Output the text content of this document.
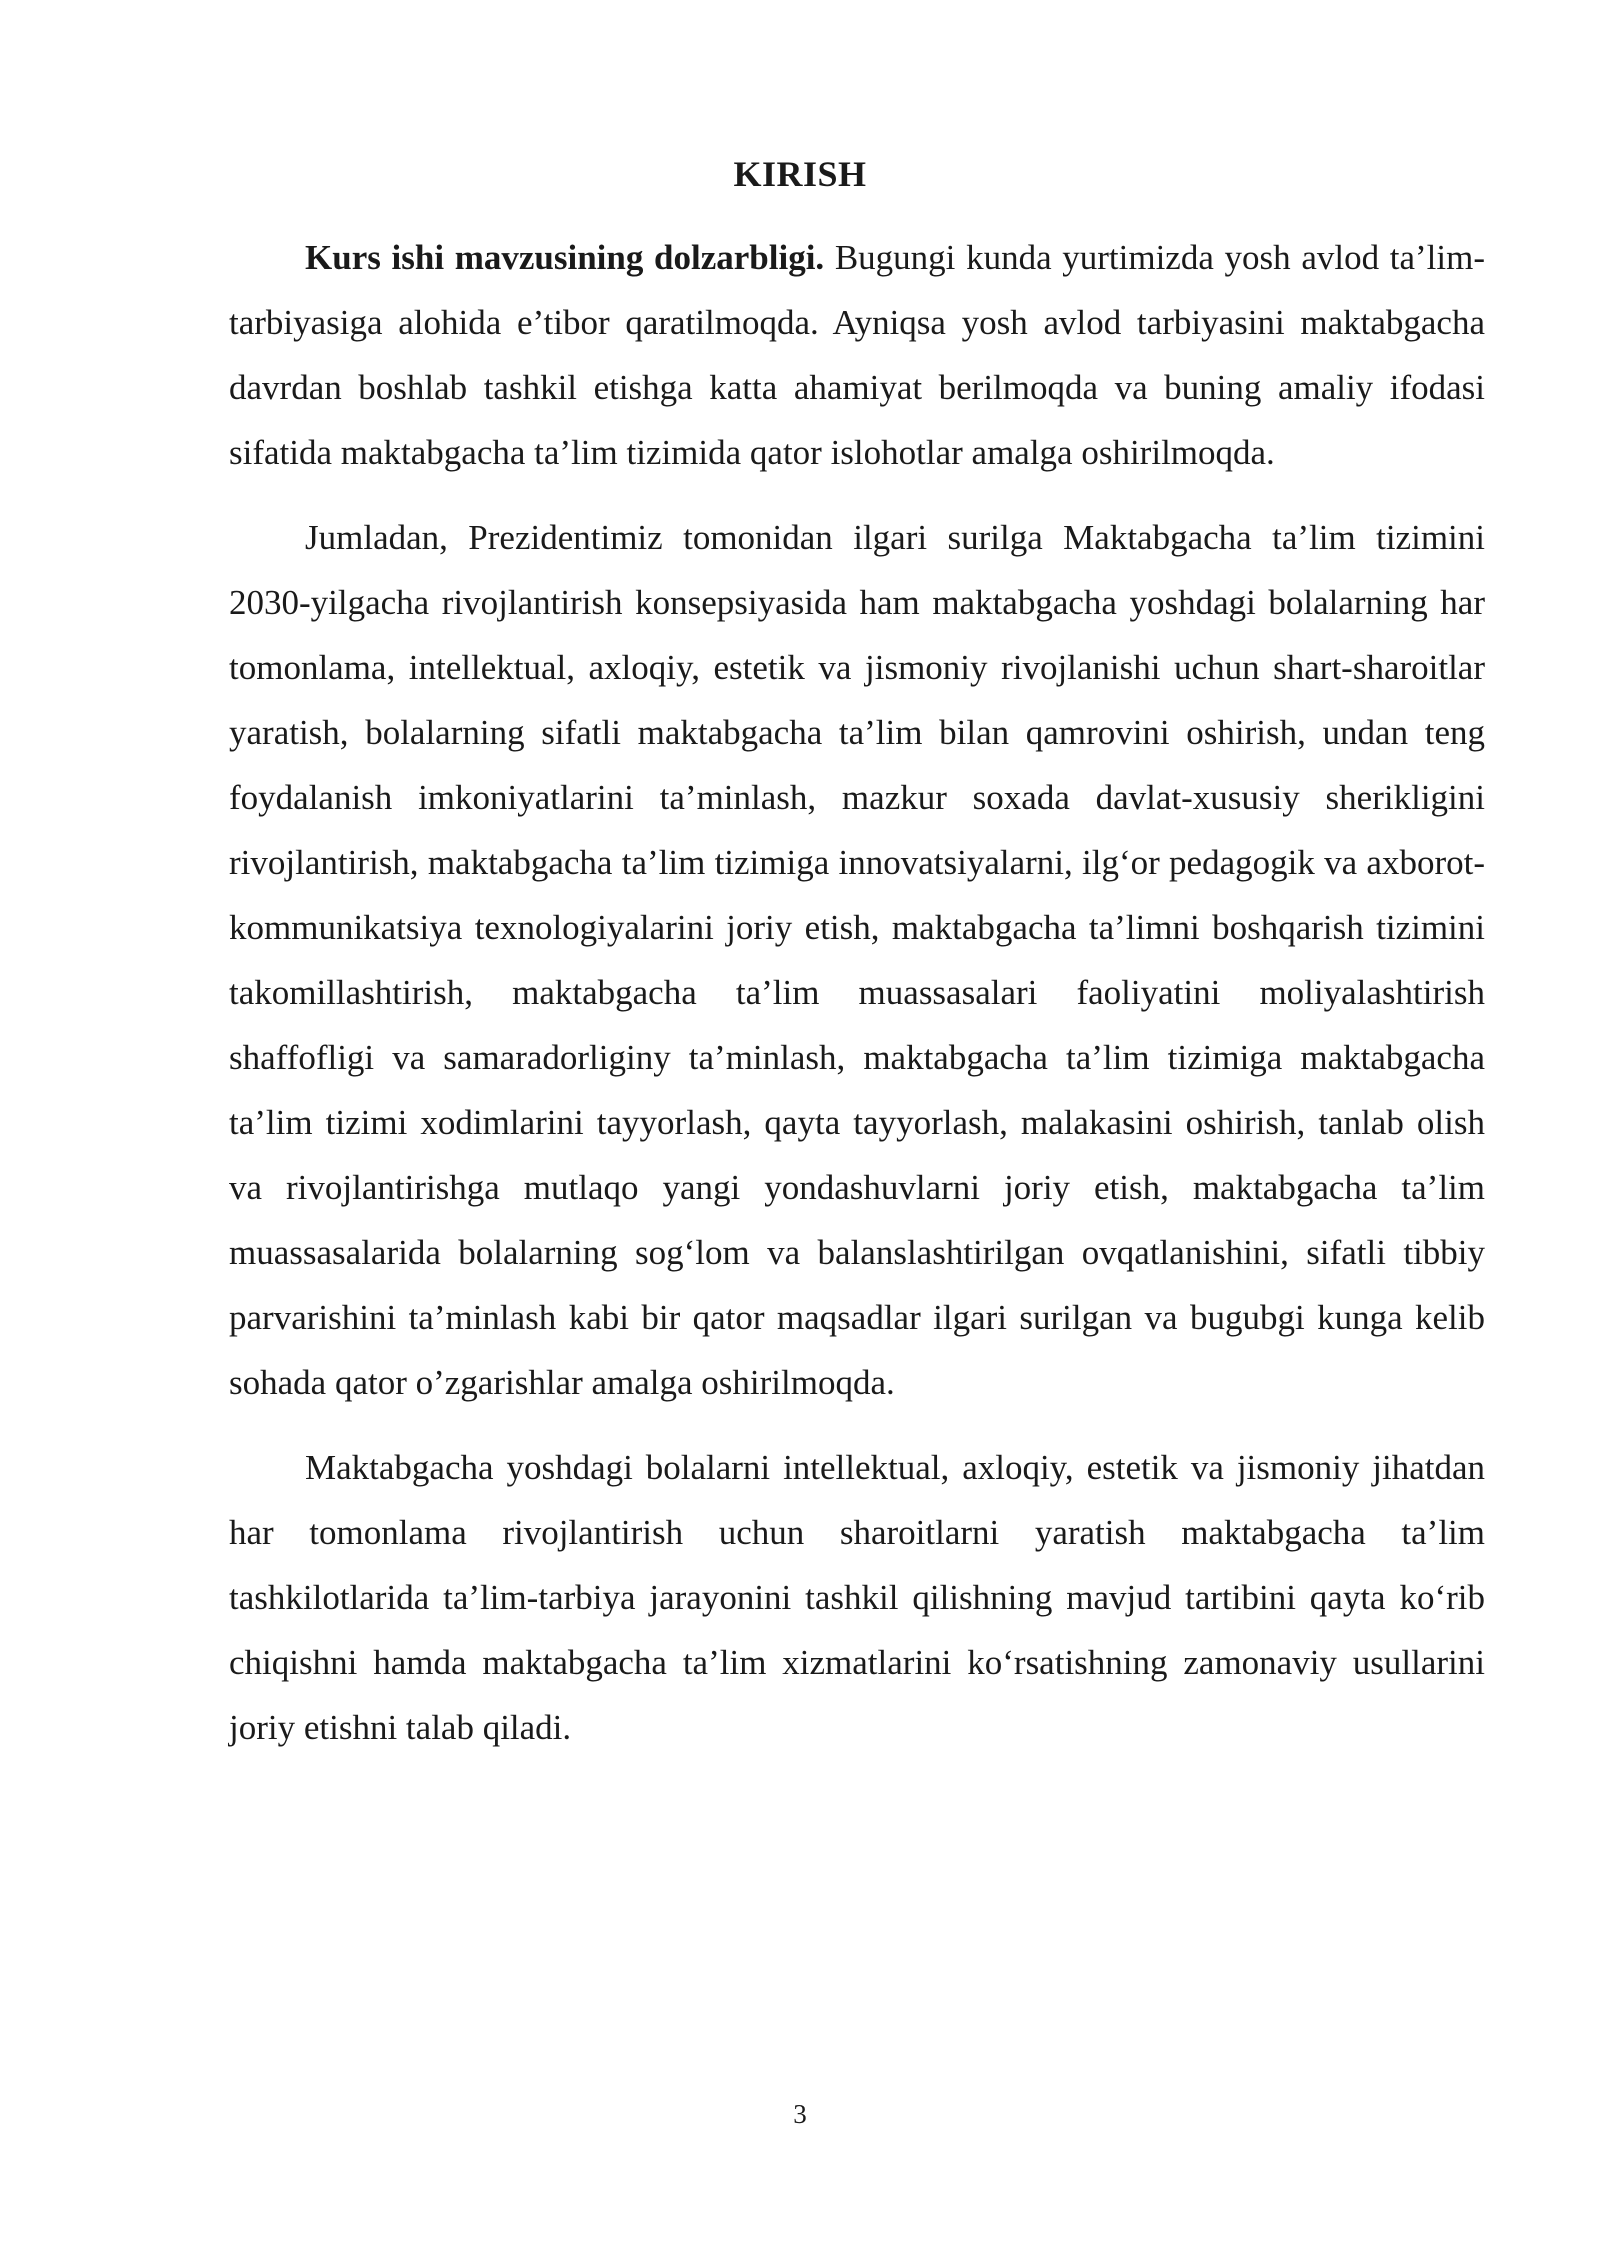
KIRISH

Kurs ishi mavzusining dolzarbligi. Bugungi kunda yurtimizda yosh avlod ta’lim-tarbiyasiga alohida e’tibor qaratilmoqda. Ayniqsa yosh avlod tarbiyasini maktabgacha davrdan boshlab tashkil etishga katta ahamiyat berilmoqda va buning amaliy ifodasi sifatida maktabgacha ta’lim tizimida qator islohotlar amalga oshirilmoqda.

Jumladan, Prezidentimiz tomonidan ilgari surilga Maktabgacha ta’lim tizimini 2030-yilgacha rivojlantirish konsepsiyasida ham maktabgacha yoshdagi bolalarning har tomonlama, intellektual, axloqiy, estetik va jismoniy rivojlanishi uchun shart-sharoitlar yaratish, bolalarning sifatli maktabgacha ta’lim bilan qamrovini oshirish, undan teng foydalanish imkoniyatlarini ta’minlash, mazkur soxada davlat-xususiy sherikligini rivojlantirish, maktabgacha ta’lim tizimiga innovatsiyalarni, ilg‘or pedagogik va axborot-kommunikatsiya texnologiyalarini joriy etish, maktabgacha ta’limni boshqarish tizimini takomillashtirish, maktabgacha ta’lim muassasalari faoliyatini moliyalashtirish shaffofligi va samaradorliginy ta’minlash, maktabgacha ta’lim tizimiga maktabgacha ta’lim tizimi xodimlarini tayyorlash, qayta tayyorlash, malakasini oshirish, tanlab olish va rivojlantirishga mutlaqo yangi yondashuvlarni joriy etish, maktabgacha ta’lim muassasalarida bolalarning sog‘lom va balanslashtirilgan ovqatlanishini, sifatli tibbiy parvarishini ta’minlash kabi bir qator maqsadlar ilgari surilgan va bugubgi kunga kelib sohada qator o’zgarishlar amalga oshirilmoqda.

Maktabgacha yoshdagi bolalarni intellektual, axloqiy, estetik va jismoniy jihatdan har tomonlama rivojlantirish uchun sharoitlarni yaratish maktabgacha ta’lim tashkilotlarida ta’lim-tarbiya jarayonini tashkil qilishning mavjud tartibini qayta ko‘rib chiqishni hamda maktabgacha ta’lim xizmatlarini ko‘rsatishning zamonaviy usullarini joriy etishni talab qiladi.

3
